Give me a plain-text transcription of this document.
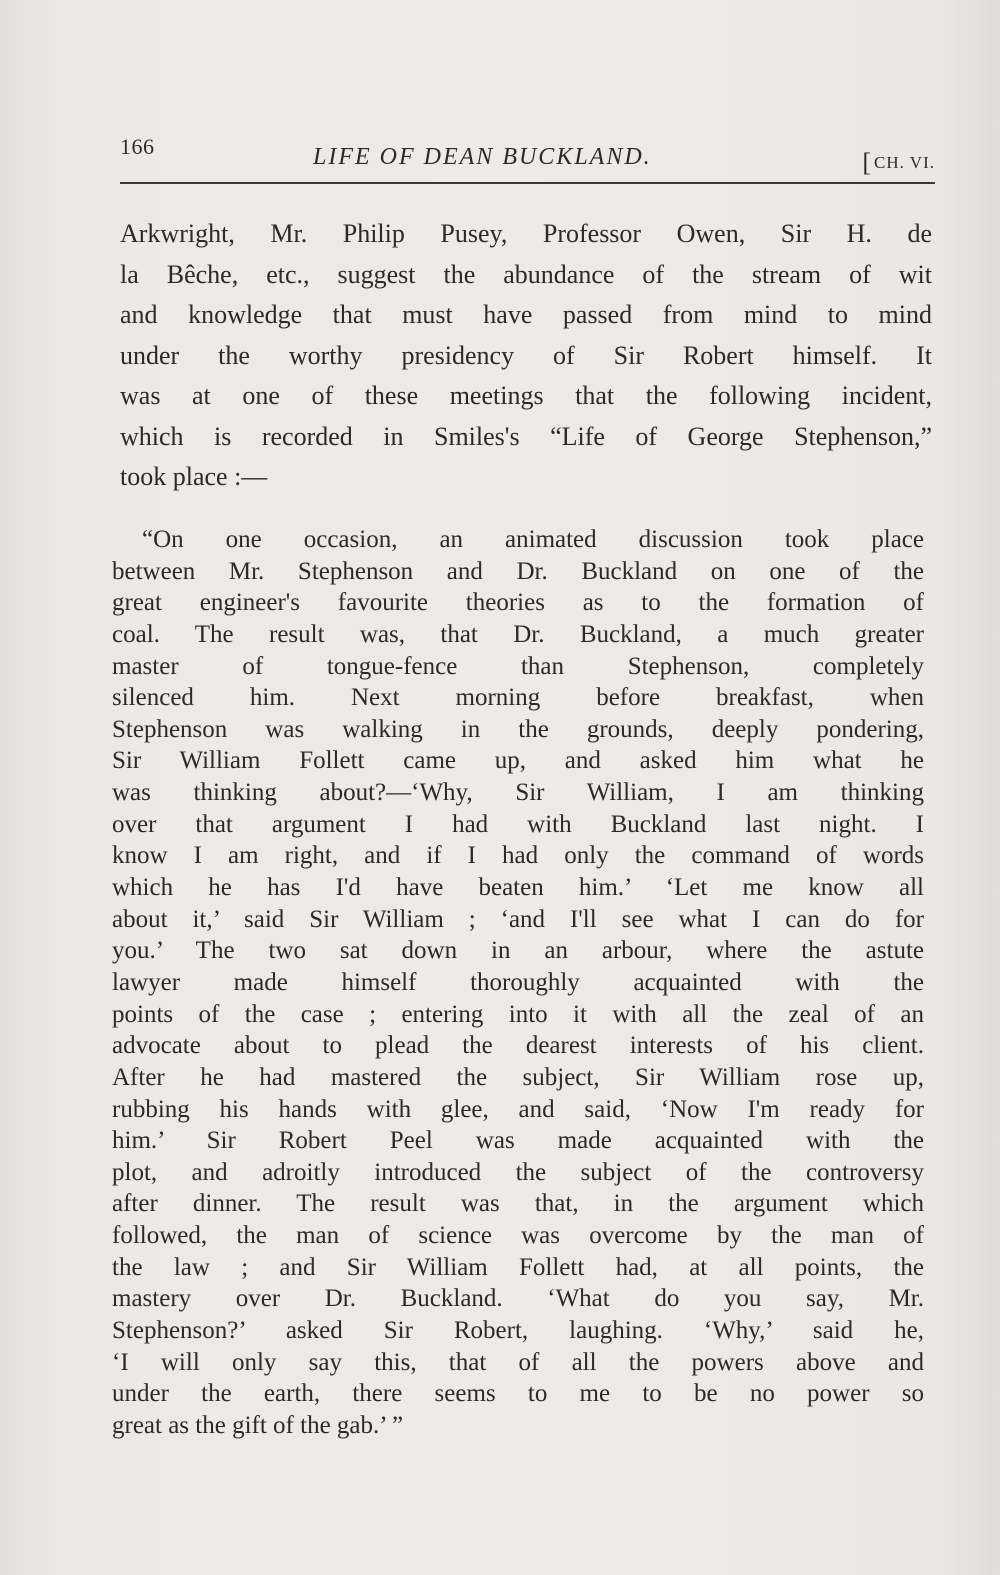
166	LIFE OF DEAN BUCKLAND.	[ CH. VI.
Arkwright, Mr. Philip Pusey, Professor Owen, Sir H. de
la Bêche, etc., suggest the abundance of the stream of wit
and knowledge that must have passed from mind to mind
under the worthy presidency of Sir Robert himself. It
was at one of these meetings that the following incident,
which is recorded in Smiles's “Life of George Stephenson,”
took place :—
“On one occasion, an animated discussion took place
between Mr. Stephenson and Dr. Buckland on one of the
great engineer's favourite theories as to the formation of
coal. The result was, that Dr. Buckland, a much greater
master of tongue-fence than Stephenson, completely
silenced him. Next morning before breakfast, when
Stephenson was walking in the grounds, deeply pondering,
Sir William Follett came up, and asked him what he
was thinking about?—‘Why, Sir William, I am thinking
over that argument I had with Buckland last night. I
know I am right, and if I had only the command of words
which he has I'd have beaten him.’ ‘Let me know all
about it,’ said Sir William ; ‘and I'll see what I can do for
you.’ The two sat down in an arbour, where the astute
lawyer made himself thoroughly acquainted with the
points of the case ; entering into it with all the zeal of an
advocate about to plead the dearest interests of his client.
After he had mastered the subject, Sir William rose up,
rubbing his hands with glee, and said, ‘Now I'm ready for
him.’ Sir Robert Peel was made acquainted with the
plot, and adroitly introduced the subject of the controversy
after dinner. The result was that, in the argument which
followed, the man of science was overcome by the man of
the law ; and Sir William Follett had, at all points, the
mastery over Dr. Buckland. ‘What do you say, Mr.
Stephenson?’ asked Sir Robert, laughing. ‘Why,’ said he,
‘I will only say this, that of all the powers above and
under the earth, there seems to me to be no power so
great as the gift of the gab.’ ”
